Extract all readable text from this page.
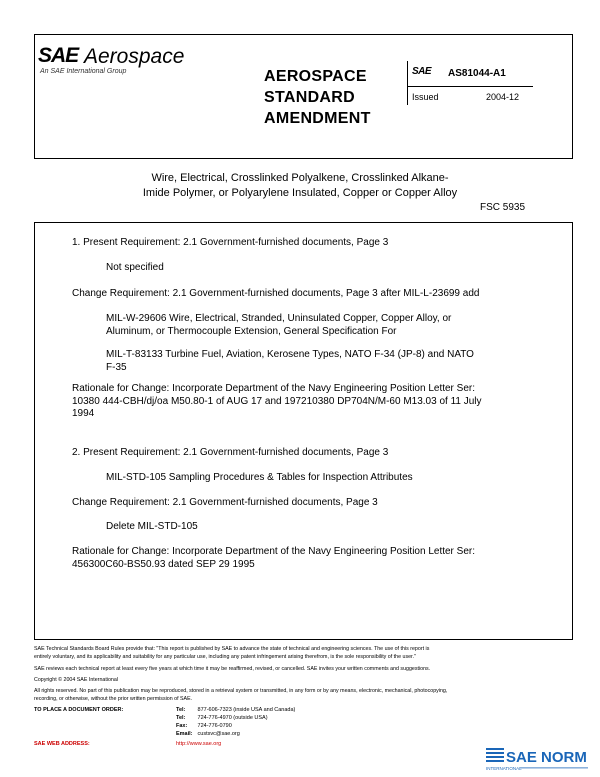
SAE Aerospace
An SAE International Group	AEROSPACE
STANDARD
AMENDMENT
SAE AS81044-A1
Issued	2004-12
Wire, Electrical, Crosslinked Polyalkene, Crosslinked Alkane-
Imide Polymer, or Polyarylene Insulated, Copper or Copper Alloy
FSC 5935
1. Present Requirement: 2.1 Government-furnished documents, Page 3
Not specified
Change Requirement: 2.1 Government-furnished documents, Page 3 after MIL-L-23699 add
MIL-W-29606 Wire, Electrical, Stranded, Uninsulated Copper, Copper Alloy, or
Aluminum, or Thermocouple Extension, General Specification For
MIL-T-83133 Turbine Fuel, Aviation, Kerosene Types, NATO F-34 (JP-8) and NATO
F-35
Rationale for Change: Incorporate Department of the Navy Engineering Position Letter Ser:
10380 444-CBH/dj/oa M50.80-1 of AUG 17 and 197210380 DP704N/M-60 M13.03 of 11 July
1994
2. Present Requirement: 2.1 Government-furnished documents, Page 3
MIL-STD-105 Sampling Procedures & Tables for Inspection Attributes
Change Requirement: 2.1 Government-furnished documents, Page 3
Delete MIL-STD-105
Rationale for Change: Incorporate Department of the Navy Engineering Position Letter Ser:
456300C60-BS50.93 dated SEP 29 1995
SAE Technical Standards Board Rules provide that: "This report is published by SAE to advance the state of technical and engineering sciences. The use of this report is
entirely voluntary, and its applicability and suitability for any particular use, including any patent infringement arising therefrom, is the sole responsibility of the user."
SAE reviews each technical report at least every five years at which time it may be reaffirmed, revised, or cancelled. SAE invites your written comments and suggestions.
Copyright © 2004 SAE International
All rights reserved. No part of this publication may be reproduced, stored in a retrieval system or transmitted, in any form or by any means, electronic, mechanical, photocopying,
recording, or otherwise, without the prior written permission of SAE.
TO PLACE A DOCUMENT ORDER:	Tel: 877-606-7323 (inside USA and Canada)
Tel: 724-776-4970 (outside USA)
Fax: 724-776-0790
Email: custsvc@sae.org
SAE WEB ADDRESS:	http://www.sae.org
SAE NORM
INTERNATIONAL
